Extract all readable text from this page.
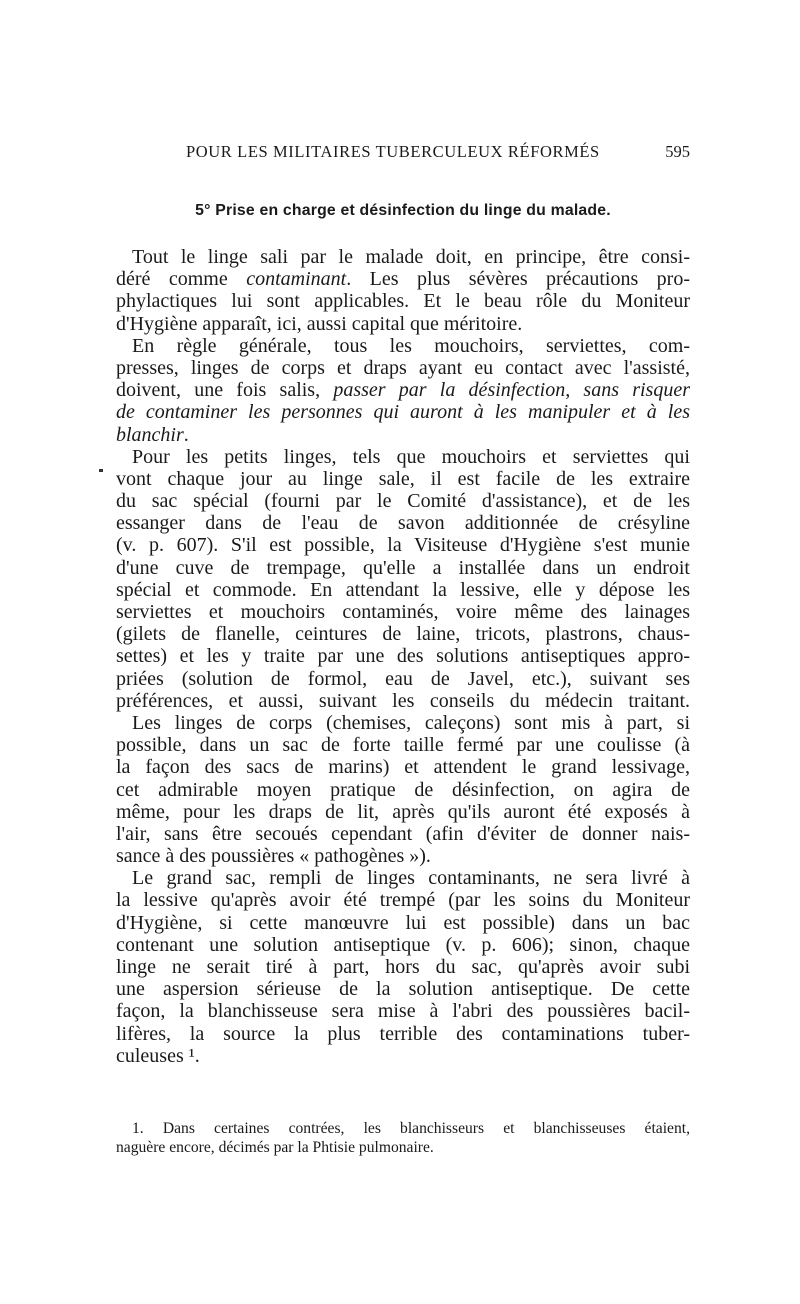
POUR LES MILITAIRES TUBERCULEUX RÉFORMÉS	595
5° Prise en charge et désinfection du linge du malade.
Tout le linge sali par le malade doit, en principe, être consi-
déré comme contaminant. Les plus sévères précautions pro-
phylactiques lui sont applicables. Et le beau rôle du Moniteur
d'Hygiène apparaît, ici, aussi capital que méritoire.
En règle générale, tous les mouchoirs, serviettes, com-
presses, linges de corps et draps ayant eu contact avec l'assisté,
doivent, une fois salis, passer par la désinfection, sans risquer
de contaminer les personnes qui auront à les manipuler et à les
blanchir.
Pour les petits linges, tels que mouchoirs et serviettes qui
vont chaque jour au linge sale, il est facile de les extraire
du sac spécial (fourni par le Comité d'assistance), et de les
essanger dans de l'eau de savon additionnée de crésyline
(v. p. 607). S'il est possible, la Visiteuse d'Hygiène s'est munie
d'une cuve de trempage, qu'elle a installée dans un endroit
spécial et commode. En attendant la lessive, elle y dépose les
serviettes et mouchoirs contaminés, voire même des lainages
(gilets de flanelle, ceintures de laine, tricots, plastrons, chaus-
settes) et les y traite par une des solutions antiseptiques appro-
priées (solution de formol, eau de Javel, etc.), suivant ses
préférences, et aussi, suivant les conseils du médecin traitant.
Les linges de corps (chemises, caleçons) sont mis à part, si
possible, dans un sac de forte taille fermé par une coulisse (à
la façon des sacs de marins) et attendent le grand lessivage,
cet admirable moyen pratique de désinfection, on agira de
même, pour les draps de lit, après qu'ils auront été exposés à
l'air, sans être secoués cependant (afin d'éviter de donner nais-
sance à des poussières « pathogènes »).
Le grand sac, rempli de linges contaminants, ne sera livré à
la lessive qu'après avoir été trempé (par les soins du Moniteur
d'Hygiène, si cette manœuvre lui est possible) dans un bac
contenant une solution antiseptique (v. p. 606); sinon, chaque
linge ne serait tiré à part, hors du sac, qu'après avoir subi
une aspersion sérieuse de la solution antiseptique. De cette
façon, la blanchisseuse sera mise à l'abri des poussières bacil-
lifères, la source la plus terrible des contaminations tuber-
culeuses ¹.
1. Dans certaines contrées, les blanchisseurs et blanchisseuses étaient,
naguère encore, décimés par la Phtisie pulmonaire.
